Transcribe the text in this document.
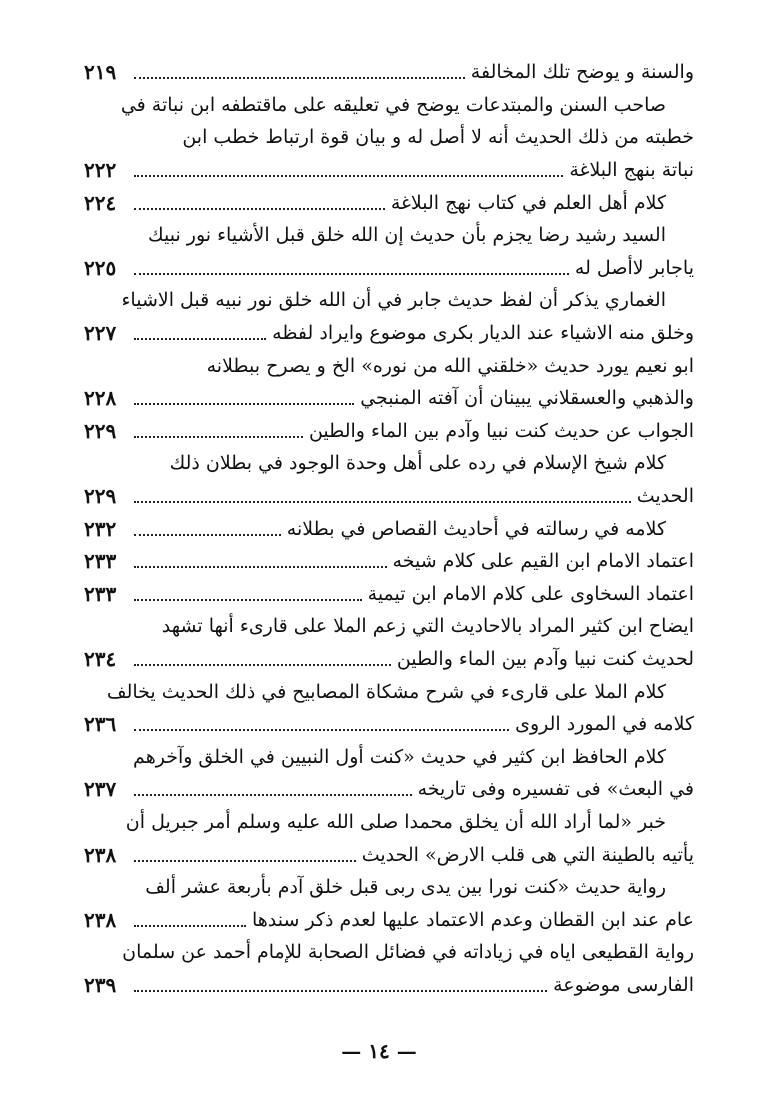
والسنة و يوضح تلك المخالفة
٢١٩
صاحب السنن والمبتدعات يوضح في تعليقه على ماقتطفه ابن نباتة في
خطبته من ذلك الحديث أنه لا أصل له و بيان قوة ارتباط خطب ابن
نباتة بنهج البلاغة
٢٢٢
كلام أهل العلم في كتاب نهج البلاغة
٢٢٤
السيد رشيد رضا يجزم بأن حديث إن الله خلق قبل الأشياء نور نبيك
ياجابر لاأصل له
٢٢٥
الغماري يذكر أن لفظ حديث جابر في أن الله خلق نور نبيه قبل الاشياء
وخلق منه الاشياء عند الديار بكرى موضوع وايراد لفظه
٢٢٧
ابو نعيم يورد حديث «خلقني الله من نوره» الخ و يصرح ببطلانه
والذهبي والعسقلاني يبينان أن آفته المنبجي
٢٢٨
الجواب عن حديث كنت نبيا وآدم بين الماء والطين
٢٢٩
كلام شيخ الإسلام في رده على أهل وحدة الوجود في بطلان ذلك
الحديث
٢٢٩
كلامه في رسالته في أحاديث القصاص في بطلانه
٢٣٢
اعتماد الامام ابن القيم على كلام شيخه
٢٣٣
اعتماد السخاوى على كلام الامام ابن تيمية
٢٣٣
ايضاح ابن كثير المراد بالاحاديث التي زعم الملا على قارىء أنها تشهد
لحديث كنت نبيا وآدم بين الماء والطين
٢٣٤
كلام الملا على قارىء في شرح مشكاة المصابيح في ذلك الحديث يخالف
كلامه في المورد الروى
٢٣٦
كلام الحافظ ابن كثير في حديث «كنت أول النبيين في الخلق وآخرهم
في البعث» فى تفسيره وفى تاريخه
٢٣٧
خبر «لما أراد الله أن يخلق محمدا صلى الله عليه وسلم أمر جبريل أن
يأتيه بالطينة التي هى قلب الارض» الحديث
٢٣٨
رواية حديث «كنت نورا بين يدى ربى قبل خلق آدم بأربعة عشر ألف
عام عند ابن القطان وعدم الاعتماد عليها لعدم ذكر سندها
٢٣٨
رواية القطيعى اياه في زياداته في فضائل الصحابة للإمام أحمد عن سلمان
الفارسى موضوعة
٢٣٩
— ١٤ —
